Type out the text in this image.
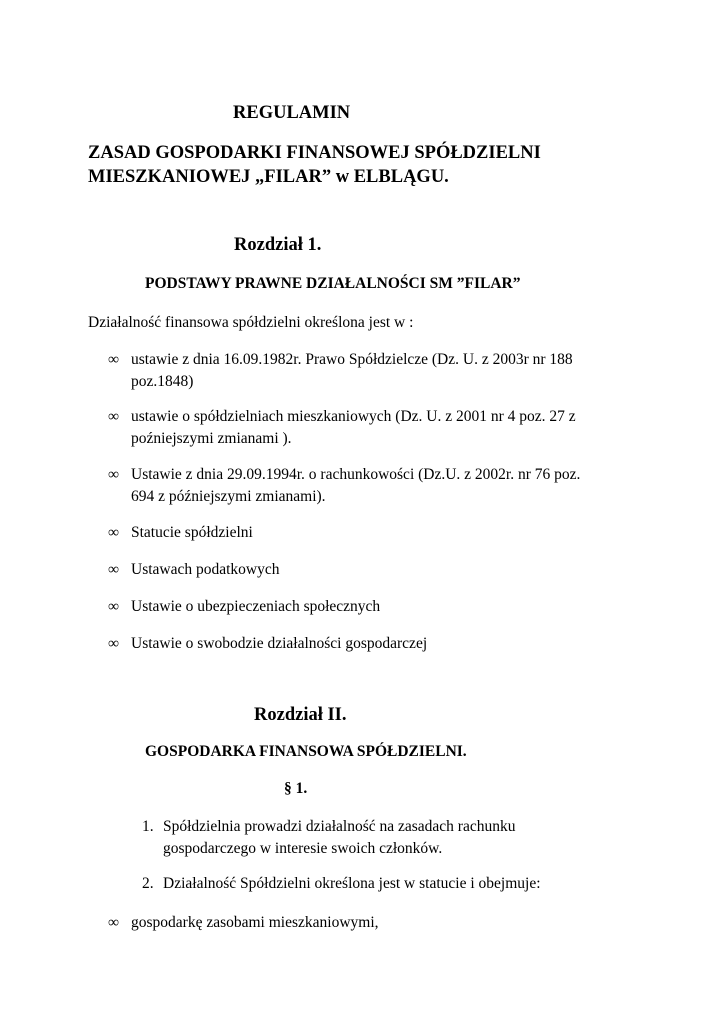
REGULAMIN
ZASAD GOSPODARKI FINANSOWEJ SPÓŁDZIELNI
MIESZKANIOWEJ „FILAR” w ELBLĄGU.
Rozdział 1.
PODSTAWY PRAWNE DZIAŁALNOŚCI SM ”FILAR”
Działalność finansowa spółdzielni określona jest w :
∞ ustawie z dnia 16.09.1982r. Prawo Spółdzielcze (Dz. U. z 2003r nr 188
poz.1848)
∞ ustawie o spółdzielniach mieszkaniowych (Dz. U. z 2001 nr 4 poz. 27 z
poźniejszymi zmianami ).
∞ Ustawie z dnia 29.09.1994r. o rachunkowości (Dz.U. z 2002r. nr 76 poz.
694 z późniejszymi zmianami).
∞ Statucie spółdzielni
∞ Ustawach podatkowych
∞ Ustawie o ubezpieczeniach społecznych
∞ Ustawie o swobodzie działalności gospodarczej
Rozdział II.
GOSPODARKA FINANSOWA SPÓŁDZIELNI.
§ 1.
1. Spółdzielnia prowadzi działalność na zasadach rachunku
gospodarczego w interesie swoich członków.
2. Działalność Spółdzielni określona jest w statucie i obejmuje:
∞ gospodarkę zasobami mieszkaniowymi,
